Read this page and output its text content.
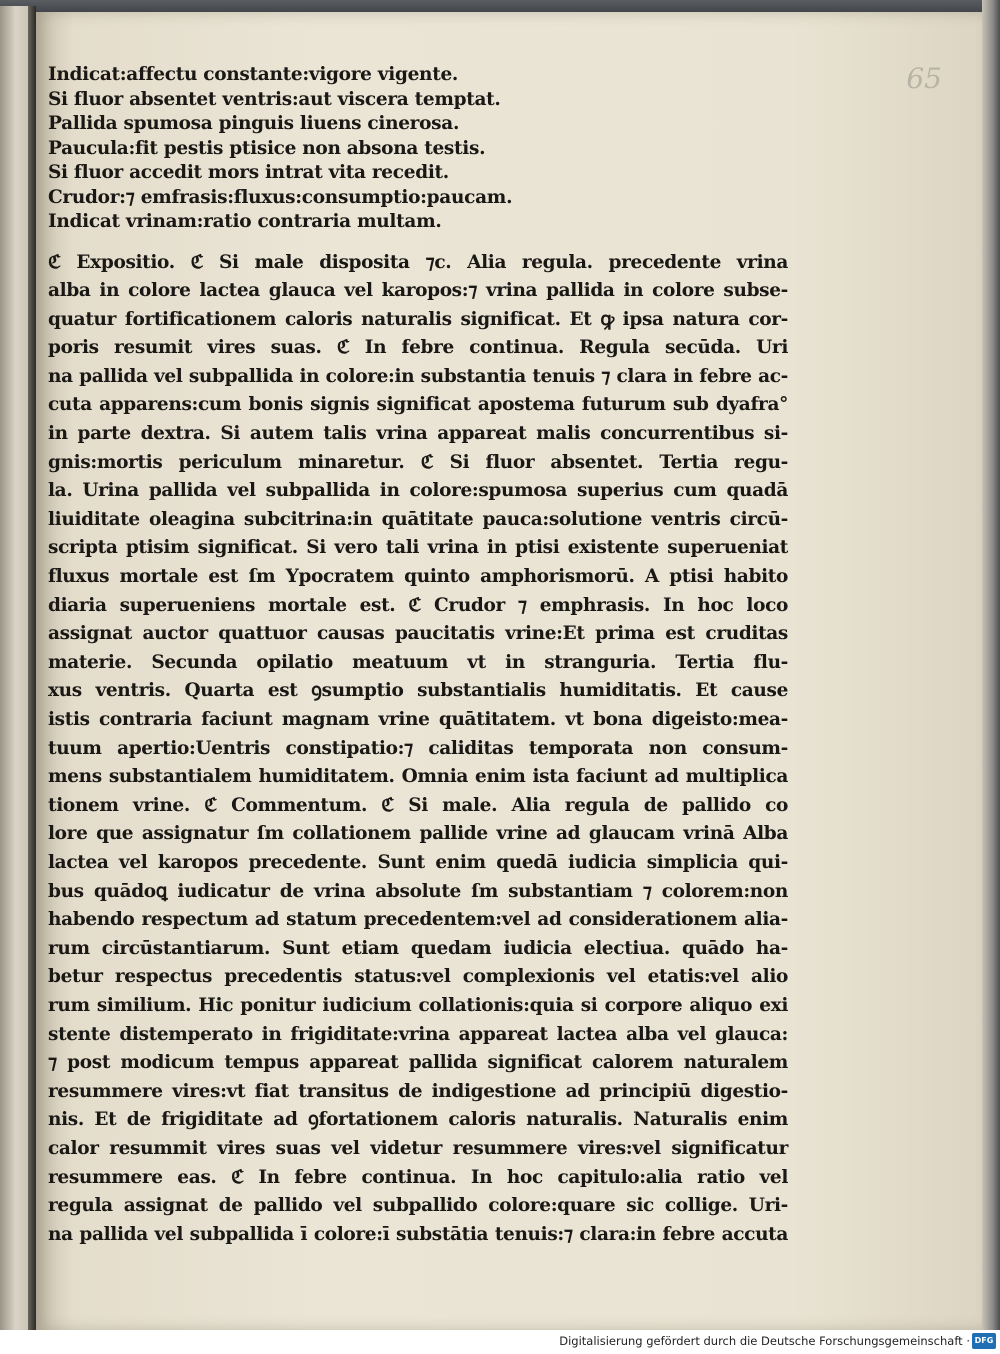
65
Indicat:affectu constante:vigore vigente.
Si fluor absentet ventris:aut viscera temptat.
Pallida spumosa pinguis liuens cinerosa.
Paucula:fit pestis ptisice non absona testis.
Si fluor accedit mors intrat vita recedit.
Crudor:⁊ emfrasis:fluxus:consumptio:paucam.
Indicat vrinam:ratio contraria multam.
ℭ Expositio. ℭ Si male disposita ⁊c. Alia regula. precedente vrina
alba in colore lactea glauca vel karopos:⁊ vrina pallida in colore subse-
quatur fortificationem caloris naturalis significat. Et ꝙ ipsa natura cor-
poris resumit vires suas. ℭ In febre continua. Regula secūda. Uri
na pallida vel subpallida in colore:in substantia tenuis ⁊ clara in febre ac-
cuta apparens:cum bonis signis significat apostema futurum sub dyafra°
in parte dextra. Si autem talis vrina appareat malis concurrentibus si-
gnis:mortis periculum minaretur. ℭ Si fluor absentet. Tertia regu-
la. Urina pallida vel subpallida in colore:spumosa superius cum quadā
liuiditate oleagina subcitrina:in quātitate pauca:solutione ventris circū-
scripta ptisim significat. Si vero tali vrina in ptisi existente superueniat
fluxus mortale est ſm Ypocratem quinto amphorismorū. A ptisi habito
diaria superueniens mortale est. ℭ Crudor ⁊ emphrasis. In hoc loco
assignat auctor quattuor causas paucitatis vrine:Et prima est cruditas
materie. Secunda opilatio meatuum vt in stranguria. Tertia flu-
xus ventris. Quarta est ꝯsumptio substantialis humiditatis. Et cause
istis contraria faciunt magnam vrine quātitatem. vt bona digeisto:mea-
tuum apertio:Uentris constipatio:⁊ caliditas temporata non consum-
mens substantialem humiditatem. Omnia enim ista faciunt ad multiplica
tionem vrine. ℭ Commentum. ℭ Si male. Alia regula de pallido co
lore que assignatur ſm collationem pallide vrine ad glaucam vrinā Alba
lactea vel karopos precedente. Sunt enim quedā iudicia simplicia qui-
bus quādoꝗ iudicatur de vrina absolute ſm substantiam ⁊ colorem:non
habendo respectum ad statum precedentem:vel ad considerationem alia-
rum circūstantiarum. Sunt etiam quedam iudicia electiua. quādo ha-
betur respectus precedentis status:vel complexionis vel etatis:vel alio
rum similium. Hic ponitur iudicium collationis:quia si corpore aliquo exi
stente distemperato in frigiditate:vrina appareat lactea alba vel glauca:
⁊ post modicum tempus appareat pallida significat calorem naturalem
resummere vires:vt fiat transitus de indigestione ad principiū digestio-
nis. Et de frigiditate ad ꝯfortationem caloris naturalis. Naturalis enim
calor resummit vires suas vel videtur resummere vires:vel significatur
resummere eas. ℭ In febre continua. In hoc capitulo:alia ratio vel
regula assignat de pallido vel subpallido colore:quare sic collige. Uri-
na pallida vel subpallida ī colore:ī substātia tenuis:⁊ clara:in febre accuta
Digitalisierung gefördert durch die Deutsche Forschungsgemeinschaft · DFG
